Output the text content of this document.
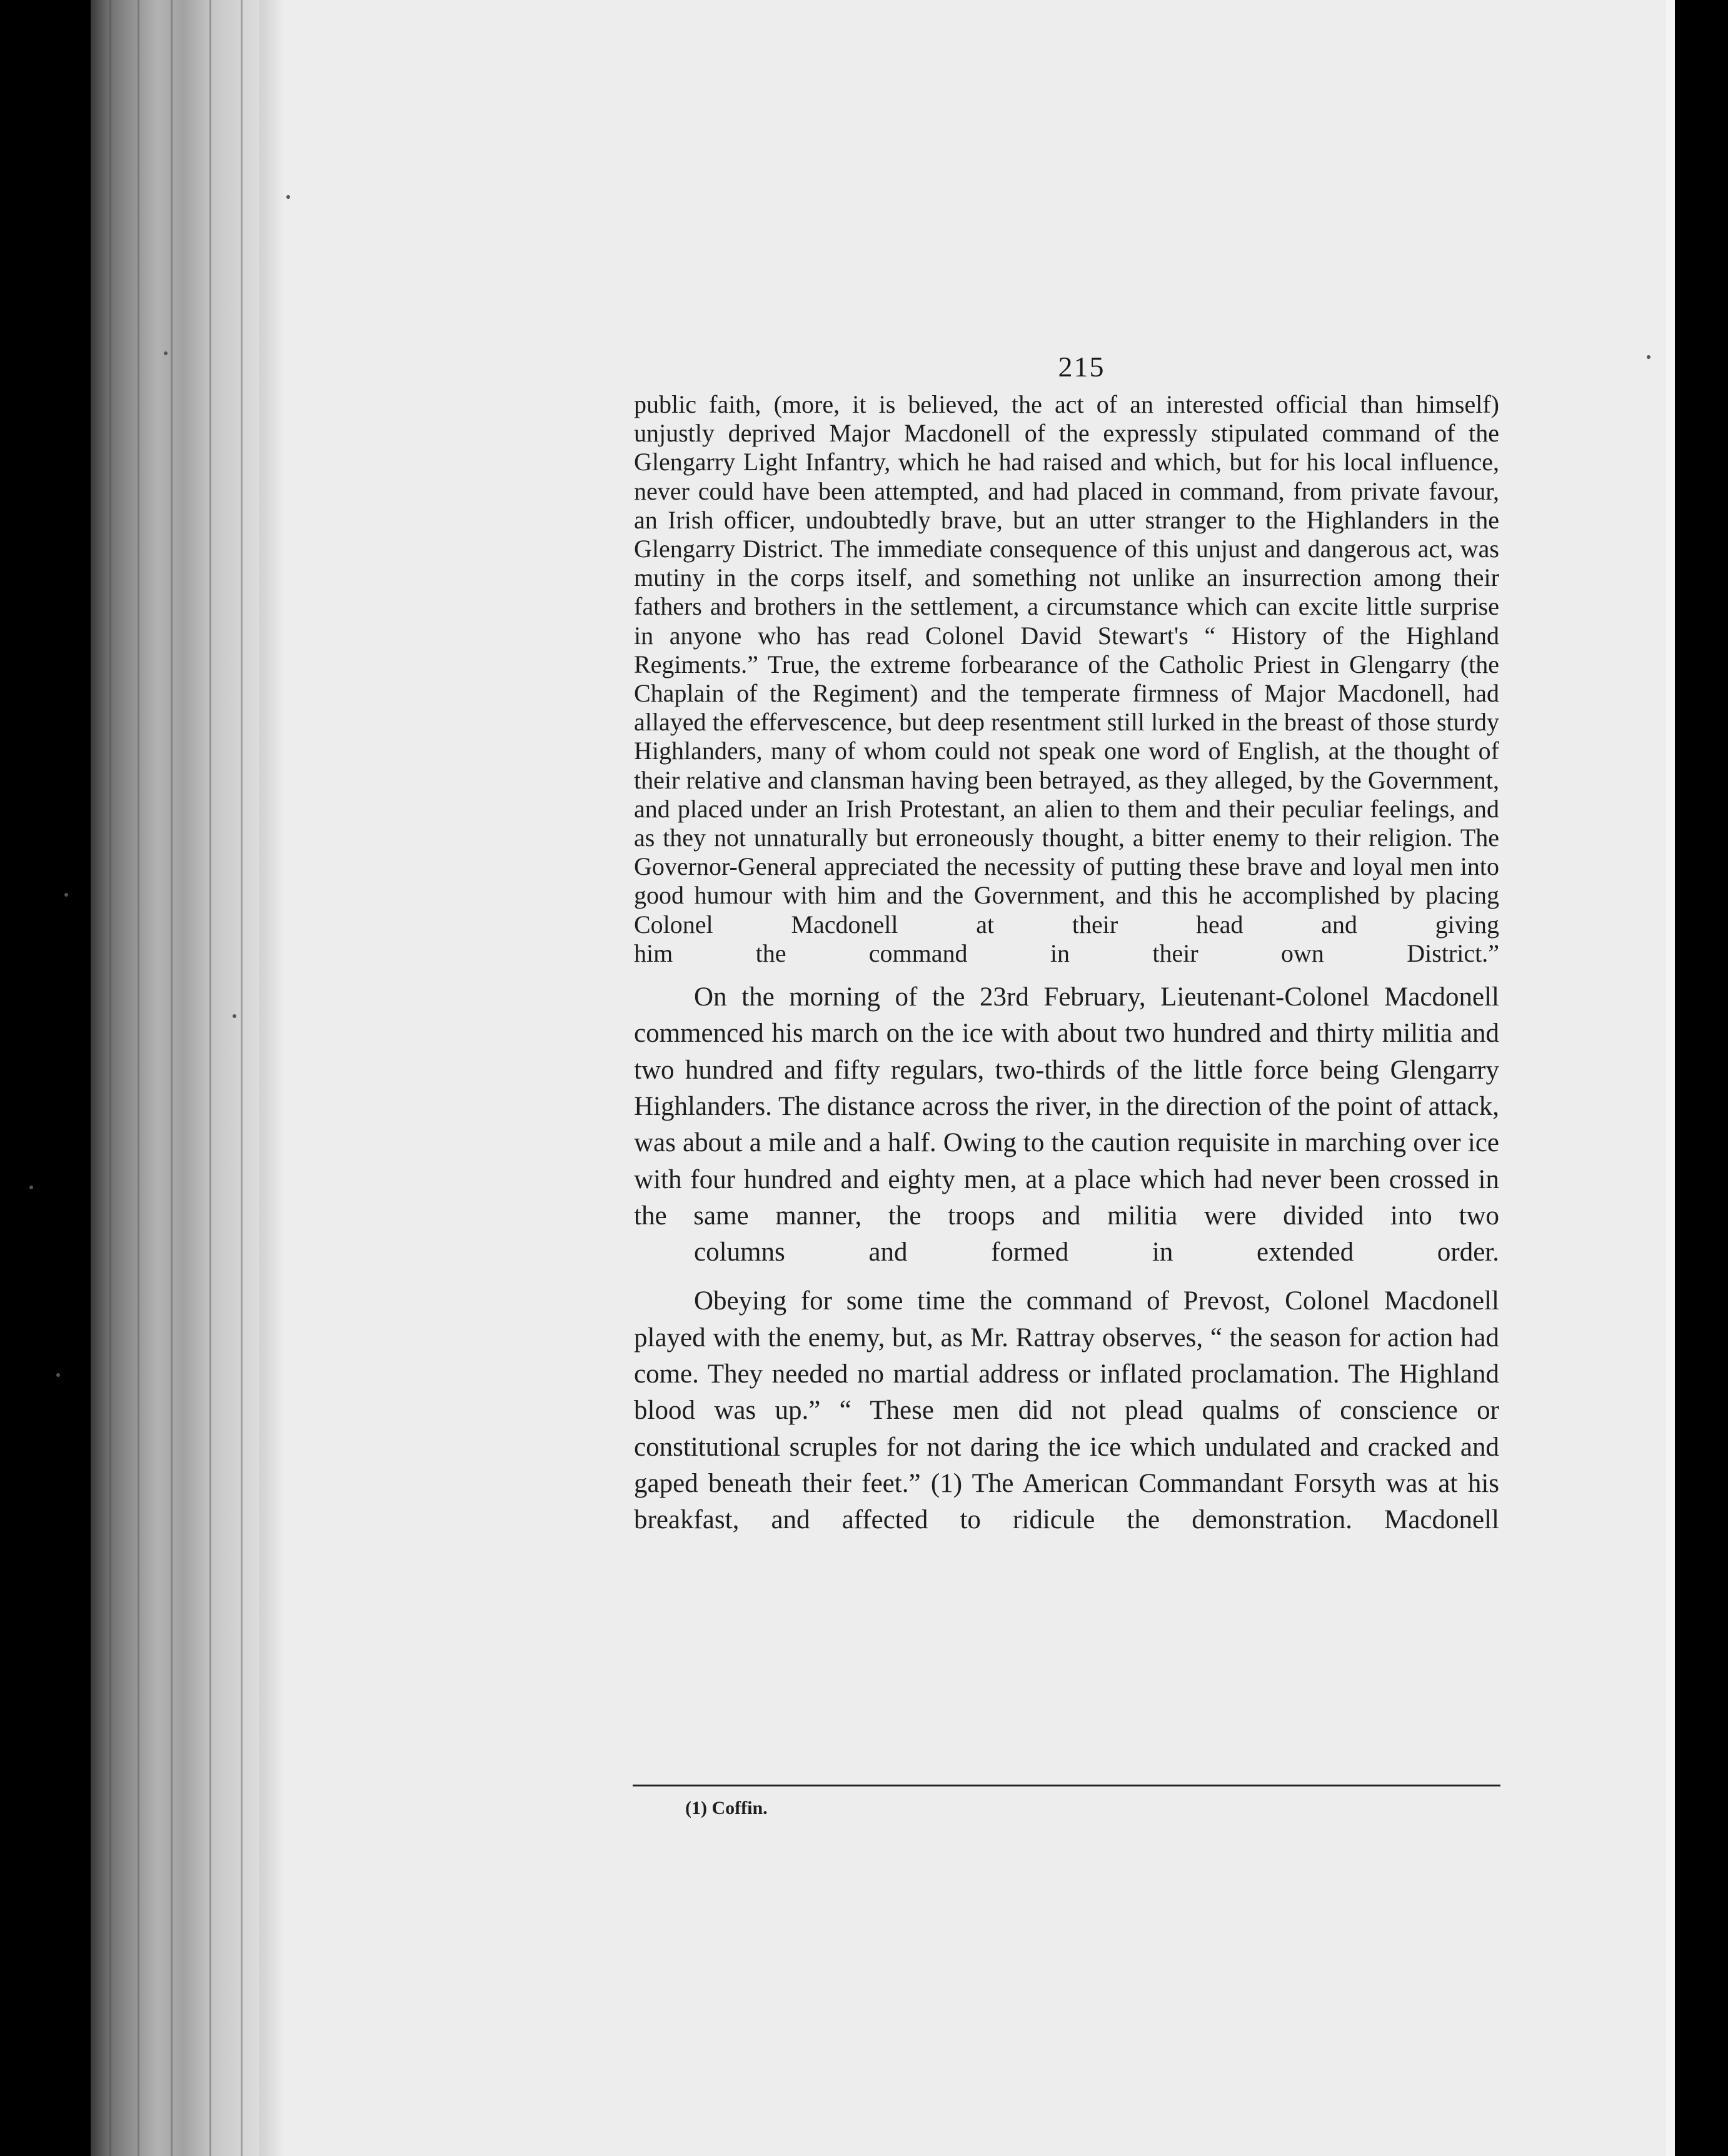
215

public faith, (more, it is believed, the act of an interested official than himself) unjustly deprived Major Macdonell of the expressly stipulated command of the Glengarry Light Infantry, which he had raised and which, but for his local influence, never could have been attempted, and had placed in command, from private favour, an Irish officer, undoubtedly brave, but an utter stranger to the Highlanders in the Glengarry District. The immediate consequence of this unjust and dangerous act, was mutiny in the corps itself, and something not unlike an insurrection among their fathers and brothers in the settlement, a circumstance which can excite little surprise in anyone who has read Colonel David Stewart's “ History of the Highland Regiments.” True, the extreme forbearance of the Catholic Priest in Glengarry (the Chaplain of the Regiment) and the temperate firmness of Major Macdonell, had allayed the effervescence, but deep resentment still lurked in the breast of those sturdy Highlanders, many of whom could not speak one word of English, at the thought of their relative and clansman having been betrayed, as they alleged, by the Government, and placed under an Irish Protestant, an alien to them and their peculiar feelings, and as they not unnaturally but erroneously thought, a bitter enemy to their religion. The Governor-General appreciated the necessity of putting these brave and loyal men into good humour with him and the Government, and this he accomplished by placing Colonel Macdonell at their head and giving
him the command in their own District.”

On the morning of the 23rd February, Lieutenant-Colonel Macdonell commenced his march on the ice with about two hundred and thirty militia and two hundred and fifty regulars, two-thirds of the little force being Glengarry Highlanders. The distance across the river, in the direction of the point of attack, was about a mile and a half. Owing to the caution requisite in marching over ice with four hundred and eighty men, at a place which had never been crossed in the same manner, the troops and militia were divided into two
columns and formed in extended order.

Obeying for some time the command of Prevost, Colonel Macdonell played with the enemy, but, as Mr. Rattray observes, “ the season for action had come. They needed no martial address or inflated proclamation. The Highland blood was up.” “ These men did not plead qualms of conscience or constitutional scruples for not daring the ice which undulated and cracked and gaped beneath their feet.” (1) The American Commandant Forsyth was at his breakfast, and affected to ridicule the demonstration. Macdonell

(1) Coffin.
